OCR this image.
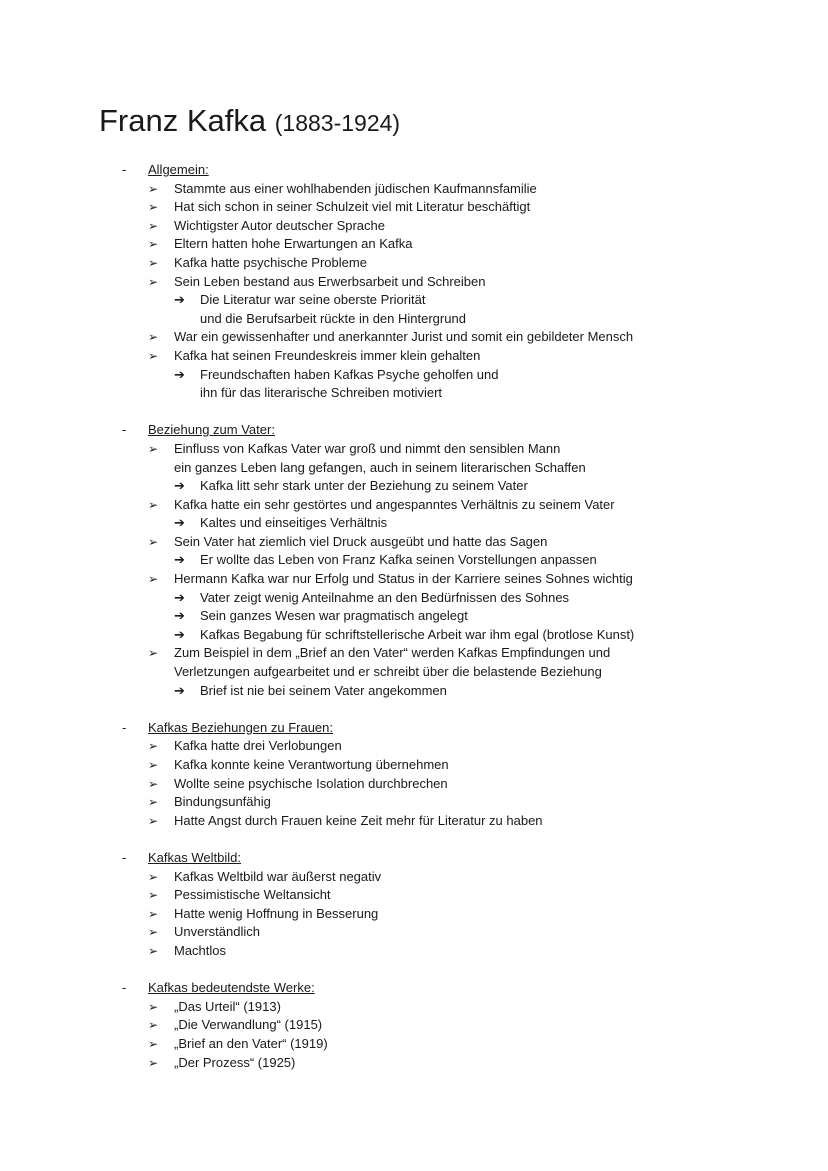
Franz Kafka (1883-1924)
- Allgemein:
➢ Stammte aus einer wohlhabenden jüdischen Kaufmannsfamilie
➢ Hat sich schon in seiner Schulzeit viel mit Literatur beschäftigt
➢ Wichtigster Autor deutscher Sprache
➢ Eltern hatten hohe Erwartungen an Kafka
➢ Kafka hatte psychische Probleme
➢ Sein Leben bestand aus Erwerbsarbeit und Schreiben
➔ Die Literatur war seine oberste Priorität
und die Berufsarbeit rückte in den Hintergrund
➢ War ein gewissenhafter und anerkannter Jurist und somit ein gebildeter Mensch
➢ Kafka hat seinen Freundeskreis immer klein gehalten
➔ Freundschaften haben Kafkas Psyche geholfen und
ihn für das literarische Schreiben motiviert
- Beziehung zum Vater:
➢ Einfluss von Kafkas Vater war groß und nimmt den sensiblen Mann
ein ganzes Leben lang gefangen, auch in seinem literarischen Schaffen
➔ Kafka litt sehr stark unter der Beziehung zu seinem Vater
➢ Kafka hatte ein sehr gestörtes und angespanntes Verhältnis zu seinem Vater
➔ Kaltes und einseitiges Verhältnis
➢ Sein Vater hat ziemlich viel Druck ausgeübt und hatte das Sagen
➔ Er wollte das Leben von Franz Kafka seinen Vorstellungen anpassen
➢ Hermann Kafka war nur Erfolg und Status in der Karriere seines Sohnes wichtig
➔ Vater zeigt wenig Anteilnahme an den Bedürfnissen des Sohnes
➔ Sein ganzes Wesen war pragmatisch angelegt
➔ Kafkas Begabung für schriftstellerische Arbeit war ihm egal (brotlose Kunst)
➢ Zum Beispiel in dem „Brief an den Vater“ werden Kafkas Empfindungen und
Verletzungen aufgearbeitet und er schreibt über die belastende Beziehung
➔ Brief ist nie bei seinem Vater angekommen
- Kafkas Beziehungen zu Frauen:
➢ Kafka hatte drei Verlobungen
➢ Kafka konnte keine Verantwortung übernehmen
➢ Wollte seine psychische Isolation durchbrechen
➢ Bindungsunfähig
➢ Hatte Angst durch Frauen keine Zeit mehr für Literatur zu haben
- Kafkas Weltbild:
➢ Kafkas Weltbild war äußerst negativ
➢ Pessimistische Weltansicht
➢ Hatte wenig Hoffnung in Besserung
➢ Unverständlich
➢ Machtlos
- Kafkas bedeutendste Werke:
➢ „Das Urteil“ (1913)
➢ „Die Verwandlung“ (1915)
➢ „Brief an den Vater“ (1919)
➢ „Der Prozess“ (1925)
